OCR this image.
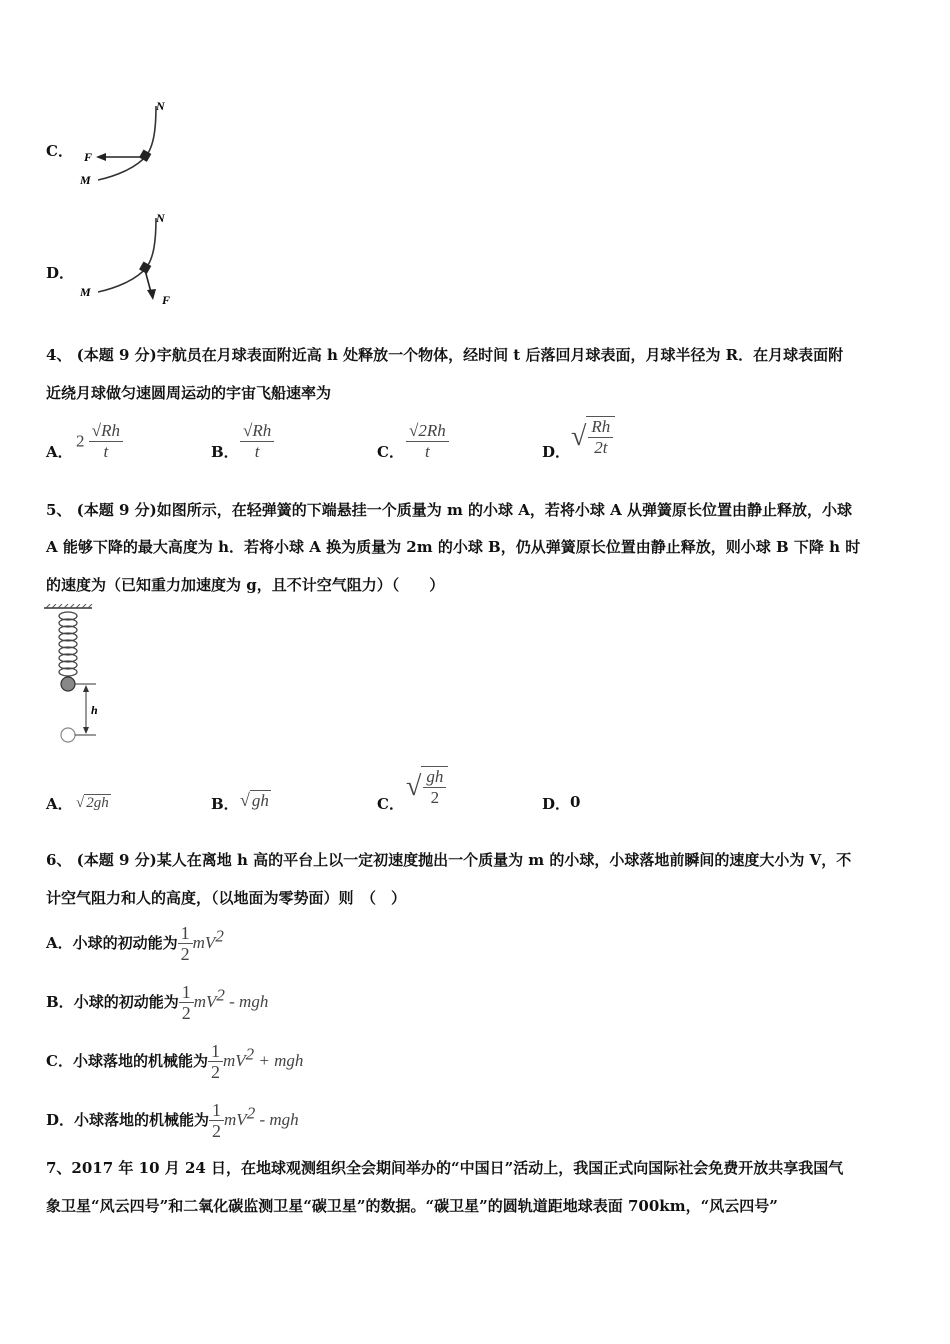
C．
N
F
M
D．
N
F
M
4、 (本题 9 分)宇航员在月球表面附近高 h 处释放一个物体，经时间 t 后落回月球表面，月球半径为 R．在月球表面附
近绕月球做匀速圆周运动的宇宙飞船速率为
A．
$2 \frac{√Rh}{t}$	B． $\frac{√Rh}{t}$	C． $\frac{√2Rh}{t}$	D． √ $\frac{Rh}{2t}$
5、 (本题 9 分)如图所示，在轻弹簧的下端悬挂一个质量为 m 的小球 A，若将小球 A 从弹簧原长位置由静止释放，小球
A 能够下降的最大高度为 h．若将小球 A 换为质量为 2m 的小球 B，仍从弹簧原长位置由静止释放，则小球 B 下降 h 时
的速度为（已知重力加速度为 g，且不计空气阻力）（　　）
h
A． √ 2gh	B． √ gh	C．
√ $\frac{gh}{2}$	D． 0
6、 (本题 9 分)某人在离地 h 高的平台上以一定初速度抛出一个质量为 m 的小球，小球落地前瞬间的速度大小为 V，不
计空气阻力和人的高度，（以地面为零势面）则　（　）
A．小球的初动能为 $\frac{1}{2} mV^2$
B．小球的初动能为 $\frac{1}{2} mV^2$ - mgh
C．小球落地的机械能为 $\frac{1}{2} mV^2$ + mgh
D．小球落地的机械能为 $\frac{1}{2} mV^2$ - mgh
7、2017 年 10 月 24 日，在地球观测组织全会期间举办的“中国日”活动上，我国正式向国际社会免费开放共享我国气
象卫星“风云四号”和二氧化碳监测卫星“碳卫星”的数据。“碳卫星”的圆轨道距地球表面 700km，“风云四号”
